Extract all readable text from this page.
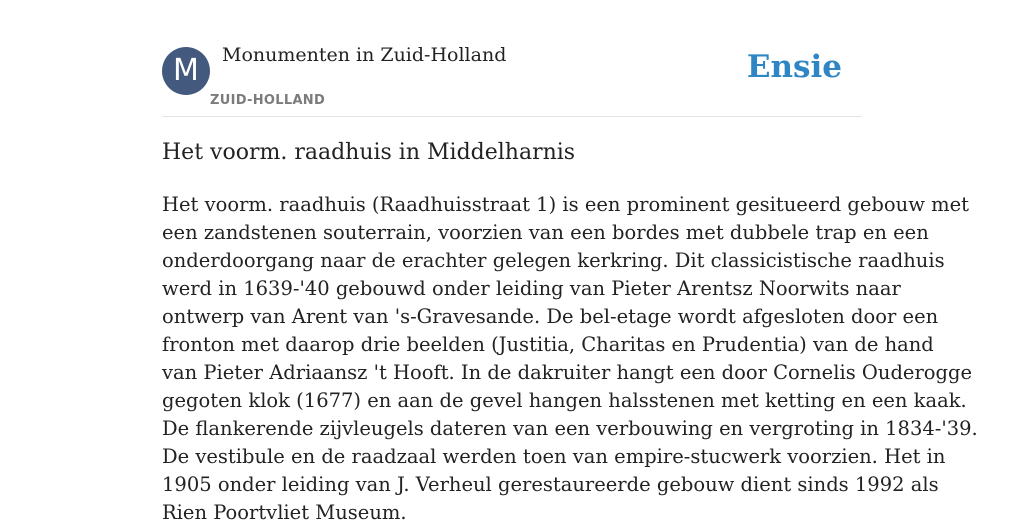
M	Monumenten in Zuid-Holland
ZUID-HOLLAND
Ensie
Het voorm. raadhuis in Middelharnis

Het voorm. raadhuis (Raadhuisstraat 1) is een prominent gesitueerd gebouw met
een zandstenen souterrain, voorzien van een bordes met dubbele trap en een
onderdoorgang naar de erachter gelegen kerkring. Dit classicistische raadhuis
werd in 1639-'40 gebouwd onder leiding van Pieter Arentsz Noorwits naar
ontwerp van Arent van 's-Gravesande. De bel-etage wordt afgesloten door een
fronton met daarop drie beelden (Justitia, Charitas en Prudentia) van de hand
van Pieter Adriaansz 't Hooft. In de dakruiter hangt een door Cornelis Ouderogge
gegoten klok (1677) en aan de gevel hangen halsstenen met ketting en een kaak.
De flankerende zijvleugels dateren van een verbouwing en vergroting in 1834-'39.
De vestibule en de raadzaal werden toen van empire-stucwerk voorzien. Het in
1905 onder leiding van J. Verheul gerestaureerde gebouw dient sinds 1992 als
Rien Poortvliet Museum.
